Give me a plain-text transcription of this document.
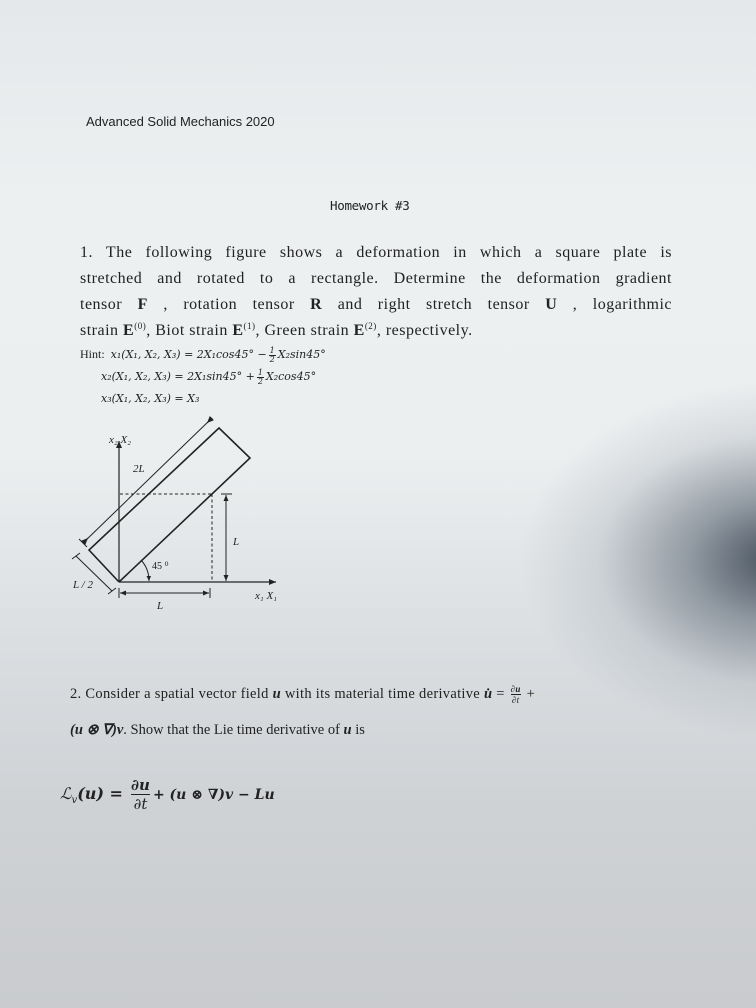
Advanced Solid Mechanics 2020
Homework #3
1. The following figure shows a deformation in which a square plate is
stretched and rotated to a rectangle. Determine the deformation gradient
tensor F , rotation tensor R and right stretch tensor U , logarithmic
strain $E^{(0)}$, Biot strain $E^{(1)}$, Green strain $E^{(2)}$, respectively.
Hint: x₁(X₁, X₂, $X_3) = 2X_1\cos 45^\circ - \frac{1}{2} X_2\sin 45^\circ$
x₂(X₁, X₂, $X_3) = 2X_1\sin 45^\circ + \frac{1}{2} X_2\cos 45^\circ$
x₃(X₁, X₂, X₃) = X₃
x₂ X₂
2L
L
45 ⁰
L / 2
L
x₁ X₁
2. Consider a spatial vector field u with its material time derivative u̇ = $\frac{\partial u}{\partial t}$ +
(u ⊗ ∇)v. Show that the Lie time derivative of u is
ℒ$_v$(u) = $\frac{\partial u}{\partial t} + (u$ ⊗ ∇)v − Lu
